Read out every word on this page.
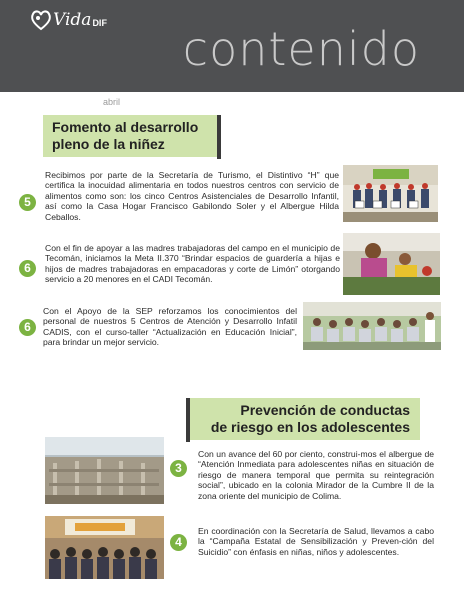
Vida DIF contenido
abril
Fomento al desarrollo
pleno de la niñez
5
Recibimos por parte de la Secretaría de Turismo, el Distintivo “H” que certifica la inocuidad alimentaria en todos nuestros centros con servicio de alimentos como son: los cinco Centros Asistenciales de Desarrollo Infantil, así como la Casa Hogar Francisco Gabilondo Soler y el Albergue Hilda Ceballos.
6
Con el fin de apoyar a las madres trabajadoras del campo en el municipio de Tecomán, iniciamos la Meta II.370 “Brindar espacios de guardería a hijas e hijos de madres trabajadoras en empacadoras y corte de Limón” otorgando servicio a 20 menores en el CADI Tecomán.
6
Con el Apoyo de la SEP reforzamos los conocimientos del personal de nuestros 5 Centros de Atención y Desarrollo Infatil CADIS, con el curso-taller “Actualización en Educación Inicial”, para brindar un mejor servicio.
Prevención de conductas
de riesgo en los adolescentes
3
Con un avance del 60 por ciento, construi-mos el albergue de “Atención Inmediata para adolescentes niñas en situación de riesgo de manera temporal que permita su reintegración social”, ubicado en la colonia Mirador de la Cumbre II de la zona oriente del municipio de Colima.
4
En coordinación con la Secretaría de Salud, llevamos a cabo la “Campaña Estatal de Sensibilización y Preven-ción del Suicidio” con énfasis en niñas, niños y adolescentes.
